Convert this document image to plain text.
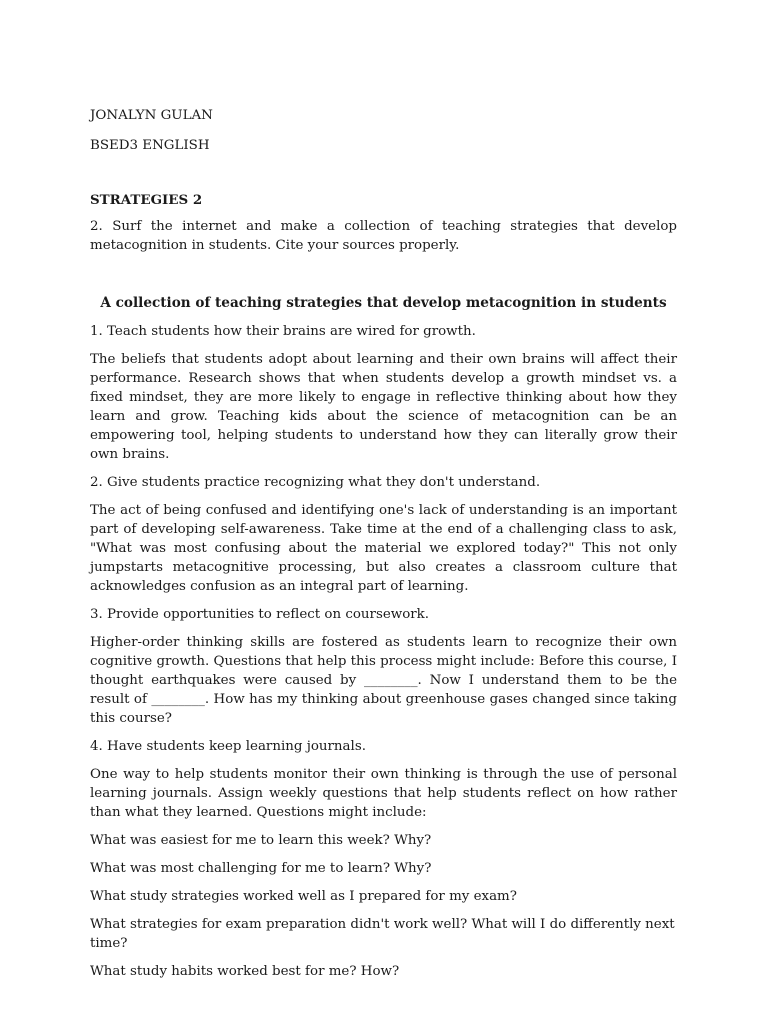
JONALYN GULAN
BSED3 ENGLISH
STRATEGIES 2
2. Surf the internet and make a collection of teaching strategies that develop metacognition in students. Cite your sources properly.
A collection of teaching strategies that develop metacognition in students
1. Teach students how their brains are wired for growth.
The beliefs that students adopt about learning and their own brains will affect their performance. Research shows that when students develop a growth mindset vs. a fixed mindset, they are more likely to engage in reflective thinking about how they learn and grow. Teaching kids about the science of metacognition can be an empowering tool, helping students to understand how they can literally grow their own brains.
2. Give students practice recognizing what they don't understand.
The act of being confused and identifying one's lack of understanding is an important part of developing self-awareness. Take time at the end of a challenging class to ask, "What was most confusing about the material we explored today?" This not only jumpstarts metacognitive processing, but also creates a classroom culture that acknowledges confusion as an integral part of learning.
3. Provide opportunities to reflect on coursework.
Higher-order thinking skills are fostered as students learn to recognize their own cognitive growth. Questions that help this process might include: Before this course, I thought earthquakes were caused by ________. Now I understand them to be the result of ________. How has my thinking about greenhouse gases changed since taking this course?
4. Have students keep learning journals.
One way to help students monitor their own thinking is through the use of personal learning journals. Assign weekly questions that help students reflect on how rather than what they learned. Questions might include:
What was easiest for me to learn this week? Why?
What was most challenging for me to learn? Why?
What study strategies worked well as I prepared for my exam?
What strategies for exam preparation didn't work well? What will I do differently next time?
What study habits worked best for me? How?
